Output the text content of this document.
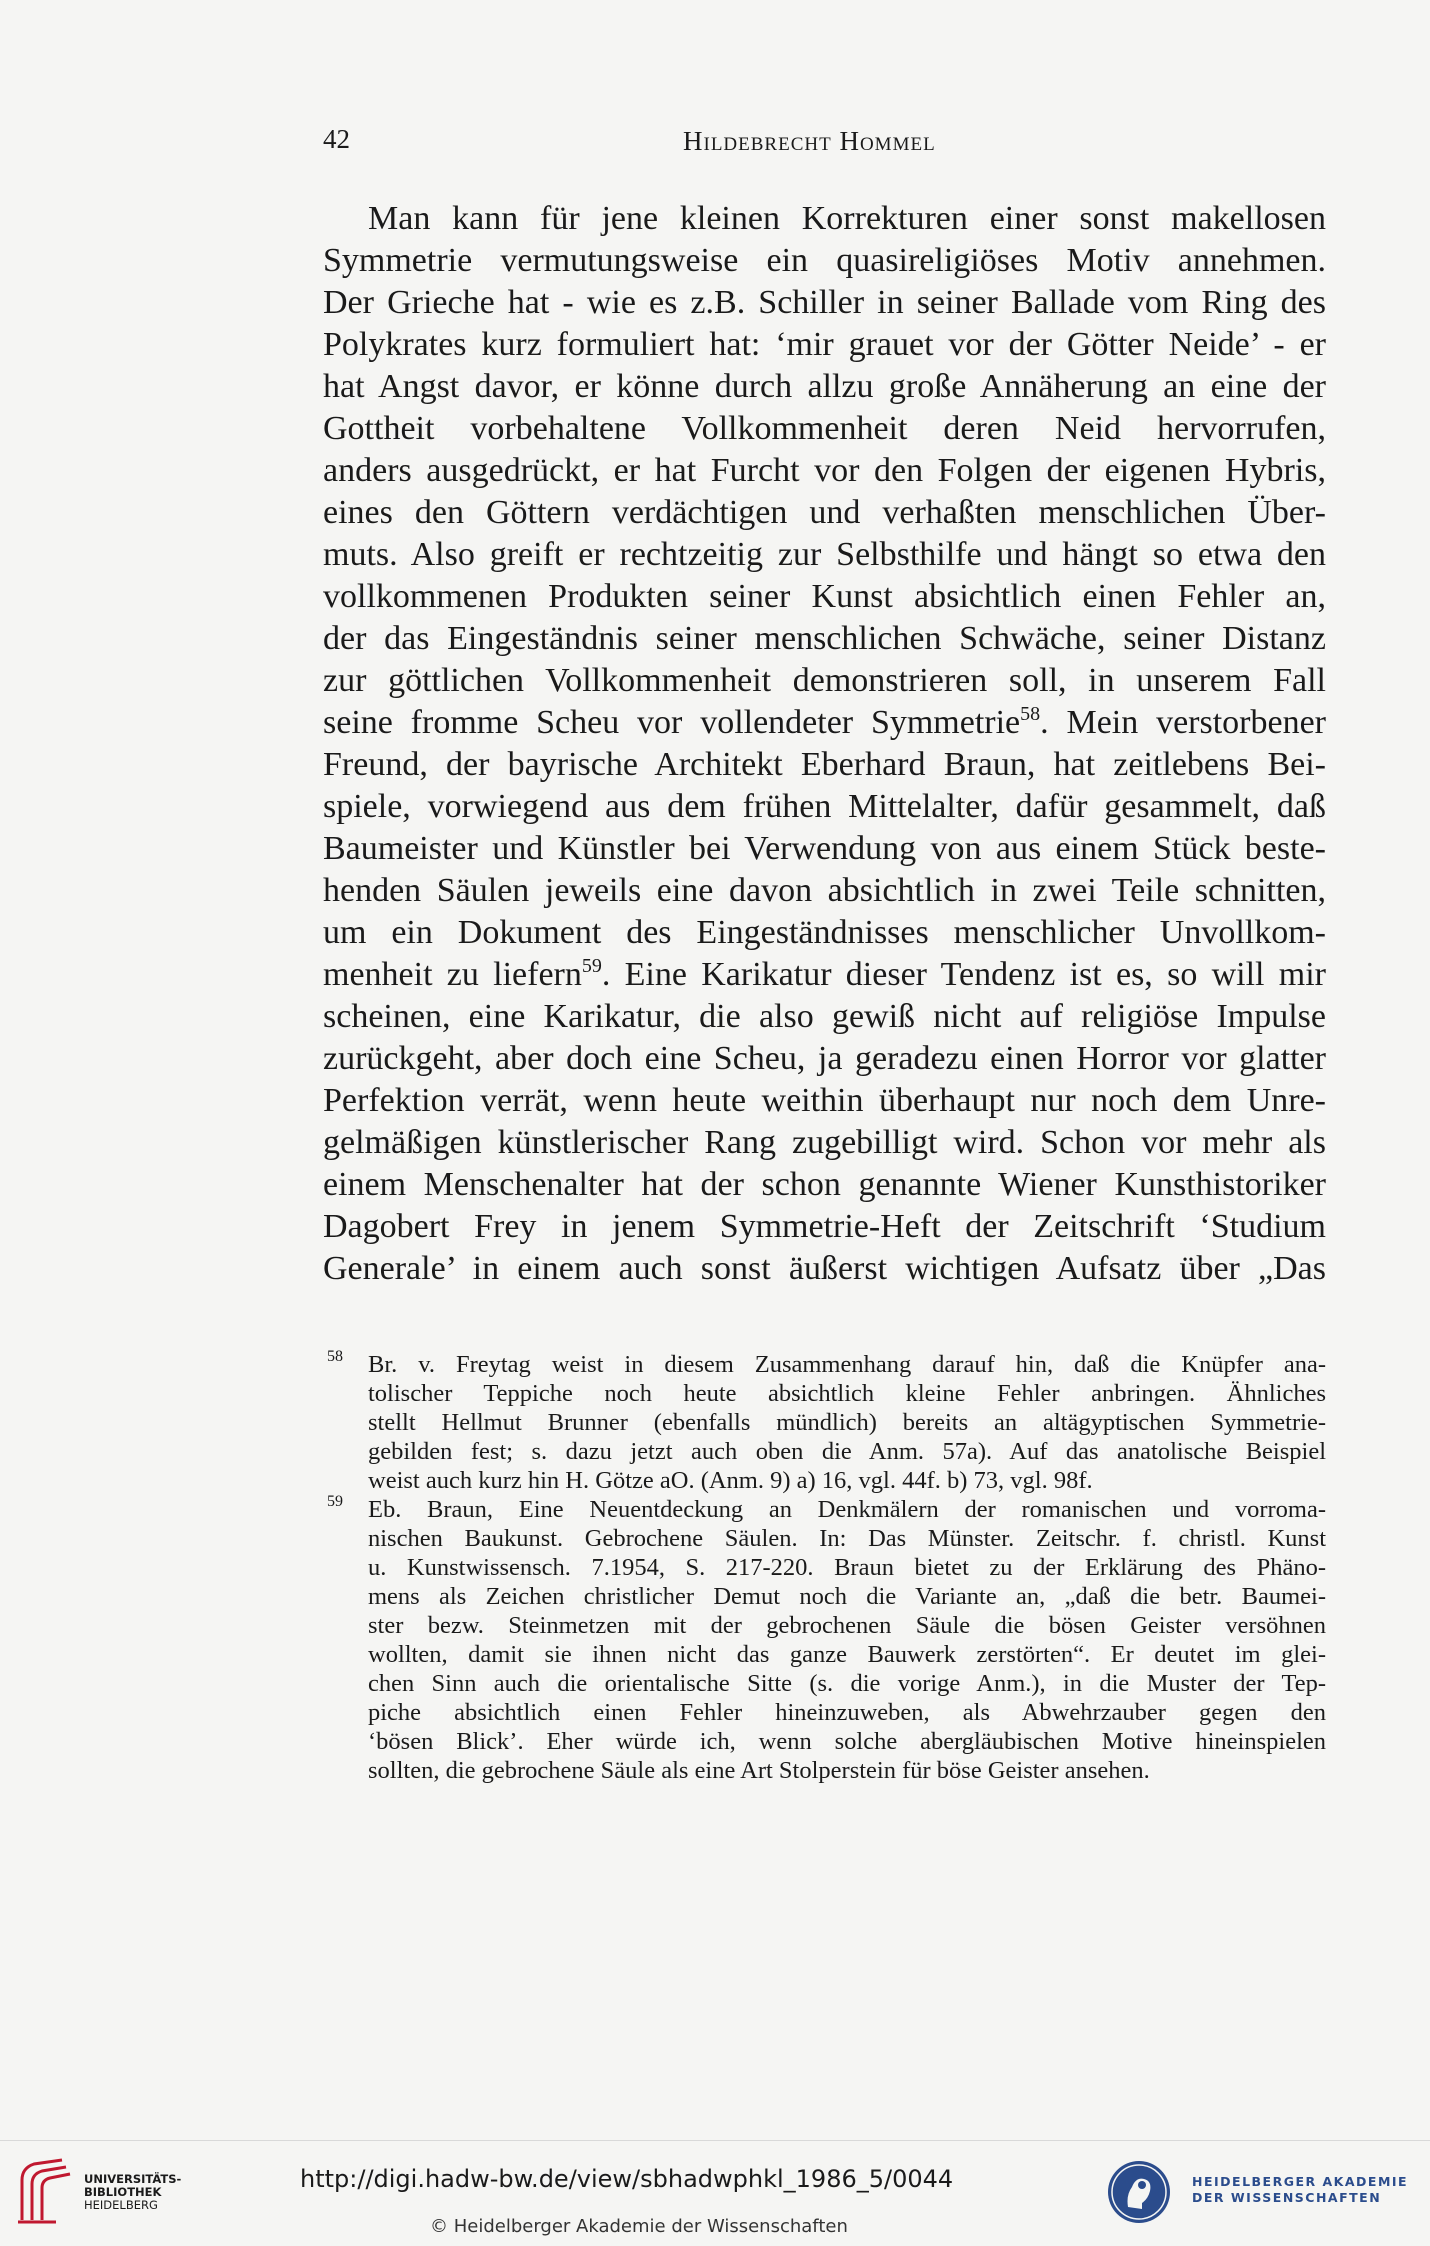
42	Hildebrecht Hommel
Man kann für jene kleinen Korrekturen einer sonst makellosen
Symmetrie vermutungsweise ein quasireligiöses Motiv annehmen.
Der Grieche hat - wie es z.B. Schiller in seiner Ballade vom Ring des
Polykrates kurz formuliert hat: ‘mir grauet vor der Götter Neide’ - er
hat Angst davor, er könne durch allzu große Annäherung an eine der
Gottheit vorbehaltene Vollkommenheit deren Neid hervorrufen,
anders ausgedrückt, er hat Furcht vor den Folgen der eigenen Hybris,
eines den Göttern verdächtigen und verhaßten menschlichen Über-
muts. Also greift er rechtzeitig zur Selbsthilfe und hängt so etwa den
vollkommenen Produkten seiner Kunst absichtlich einen Fehler an,
der das Eingeständnis seiner menschlichen Schwäche, seiner Distanz
zur göttlichen Vollkommenheit demonstrieren soll, in unserem Fall
seine fromme Scheu vor vollendeter Symmetrie$^{58}$. Mein verstorbener
Freund, der bayrische Architekt Eberhard Braun, hat zeitlebens Bei-
spiele, vorwiegend aus dem frühen Mittelalter, dafür gesammelt, daß
Baumeister und Künstler bei Verwendung von aus einem Stück beste-
henden Säulen jeweils eine davon absichtlich in zwei Teile schnitten,
um ein Dokument des Eingeständnisses menschlicher Unvollkom-
menheit zu liefern$^{59}$. Eine Karikatur dieser Tendenz ist es, so will mir
scheinen, eine Karikatur, die also gewiß nicht auf religiöse Impulse
zurückgeht, aber doch eine Scheu, ja geradezu einen Horror vor glatter
Perfektion verrät, wenn heute weithin überhaupt nur noch dem Unre-
gelmäßigen künstlerischer Rang zugebilligt wird. Schon vor mehr als
einem Menschenalter hat der schon genannte Wiener Kunsthistoriker
Dagobert Frey in jenem Symmetrie-Heft der Zeitschrift ‘Studium
Generale’ in einem auch sonst äußerst wichtigen Aufsatz über „Das
58	Br. v. Freytag weist in diesem Zusammenhang darauf hin, daß die Knüpfer ana-
tolischer Teppiche noch heute absichtlich kleine Fehler anbringen. Ähnliches
stellt Hellmut Brunner (ebenfalls mündlich) bereits an altägyptischen Symmetrie-
gebilden fest; s. dazu jetzt auch oben die Anm. 57a). Auf das anatolische Beispiel
weist auch kurz hin H. Götze aO. (Anm. 9) a) 16, vgl. 44f. b) 73, vgl. 98f.
59	Eb. Braun, Eine Neuentdeckung an Denkmälern der romanischen und vorroma-
nischen Baukunst. Gebrochene Säulen. In: Das Münster. Zeitschr. f. christl. Kunst
u. Kunstwissensch. 7.1954, S. 217-220. Braun bietet zu der Erklärung des Phäno-
mens als Zeichen christlicher Demut noch die Variante an, „daß die betr. Baumei-
ster bezw. Steinmetzen mit der gebrochenen Säule die bösen Geister versöhnen
wollten, damit sie ihnen nicht das ganze Bauwerk zerstörten“. Er deutet im glei-
chen Sinn auch die orientalische Sitte (s. die vorige Anm.), in die Muster der Tep-
piche absichtlich einen Fehler hineinzuweben, als Abwehrzauber gegen den
‘bösen Blick’. Eher würde ich, wenn solche abergläubischen Motive hineinspielen
sollten, die gebrochene Säule als eine Art Stolperstein für böse Geister ansehen.
UNIVERSITÄTS-
BIBLIOTHEK
HEIDELBERG
http://digi.hadw-bw.de/view/sbhadwphkl_1986_5/0044
© Heidelberger Akademie der Wissenschaften
HEIDELBERGER AKADEMIE
DER WISSENSCHAFTEN
